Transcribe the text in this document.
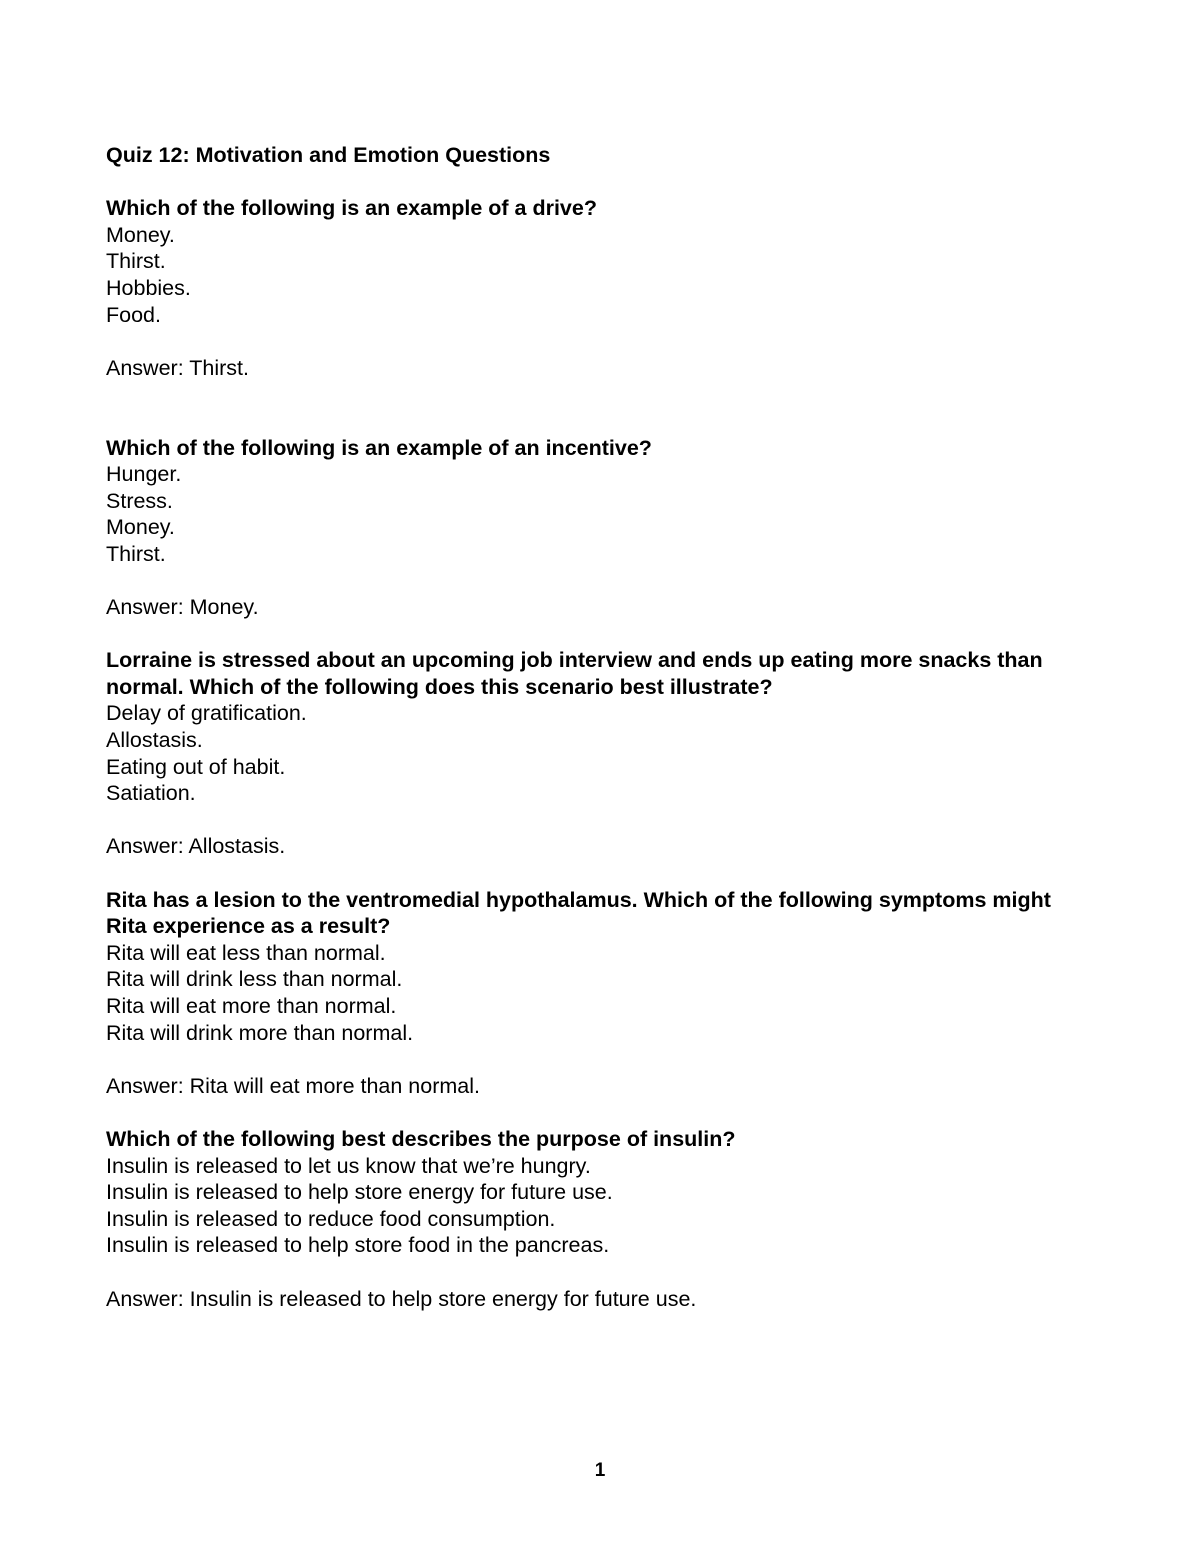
Quiz 12: Motivation and Emotion Questions
Which of the following is an example of a drive?
Money.
Thirst.
Hobbies.
Food.
Answer: Thirst.
Which of the following is an example of an incentive?
Hunger.
Stress.
Money.
Thirst.
Answer: Money.
Lorraine is stressed about an upcoming job interview and ends up eating more snacks than normal. Which of the following does this scenario best illustrate?
Delay of gratification.
Allostasis.
Eating out of habit.
Satiation.
Answer: Allostasis.
Rita has a lesion to the ventromedial hypothalamus. Which of the following symptoms might Rita experience as a result?
Rita will eat less than normal.
Rita will drink less than normal.
Rita will eat more than normal.
Rita will drink more than normal.
Answer: Rita will eat more than normal.
Which of the following best describes the purpose of insulin?
Insulin is released to let us know that we’re hungry.
Insulin is released to help store energy for future use.
Insulin is released to reduce food consumption.
Insulin is released to help store food in the pancreas.
Answer: Insulin is released to help store energy for future use.
1
